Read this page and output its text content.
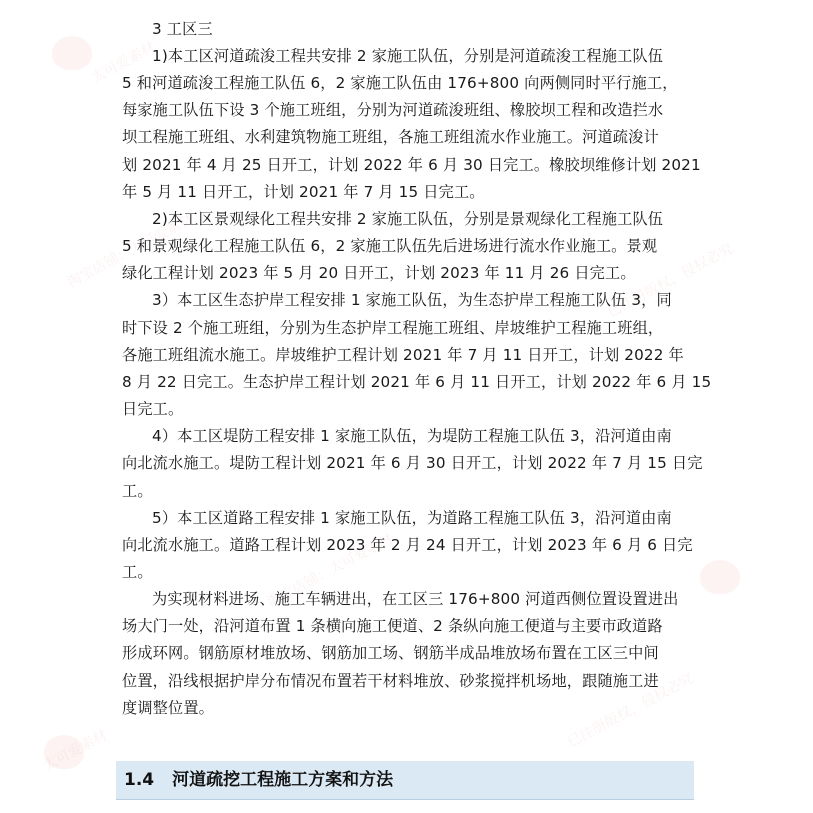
太可爱素材
淘宝店铺：太可爱素材	已注册版权，侵权必究
淘宝店铺：太可爱素材
已注册版权，侵权必究
太可爱素材
3 工区三
1)本工区河道疏浚工程共安排 2 家施工队伍，分别是河道疏浚工程施工队伍
5 和河道疏浚工程施工队伍 6，2 家施工队伍由 176+800 向两侧同时平行施工，
每家施工队伍下设 3 个施工班组，分别为河道疏浚班组、橡胶坝工程和改造拦水
坝工程施工班组、水利建筑物施工班组，各施工班组流水作业施工。河道疏浚计
划 2021 年 4 月 25 日开工，计划 2022 年 6 月 30 日完工。橡胶坝维修计划 2021
年 5 月 11 日开工，计划 2021 年 7 月 15 日完工。
2)本工区景观绿化工程共安排 2 家施工队伍，分别是景观绿化工程施工队伍
5 和景观绿化工程施工队伍 6，2 家施工队伍先后进场进行流水作业施工。景观
绿化工程计划 2023 年 5 月 20 日开工，计划 2023 年 11 月 26 日完工。
3）本工区生态护岸工程安排 1 家施工队伍，为生态护岸工程施工队伍 3，同
时下设 2 个施工班组，分别为生态护岸工程施工班组、岸坡维护工程施工班组，
各施工班组流水施工。岸坡维护工程计划 2021 年 7 月 11 日开工，计划 2022 年
8 月 22 日完工。生态护岸工程计划 2021 年 6 月 11 日开工，计划 2022 年 6 月 15
日完工。
4）本工区堤防工程安排 1 家施工队伍，为堤防工程施工队伍 3，沿河道由南
向北流水施工。堤防工程计划 2021 年 6 月 30 日开工，计划 2022 年 7 月 15 日完
工。
5）本工区道路工程安排 1 家施工队伍，为道路工程施工队伍 3，沿河道由南
向北流水施工。道路工程计划 2023 年 2 月 24 日开工，计划 2023 年 6 月 6 日完
工。
为实现材料进场、施工车辆进出，在工区三 176+800 河道西侧位置设置进出
场大门一处，沿河道布置 1 条横向施工便道、2 条纵向施工便道与主要市政道路
形成环网。钢筋原材堆放场、钢筋加工场、钢筋半成品堆放场布置在工区三中间
位置，沿线根据护岸分布情况布置若干材料堆放、砂浆搅拌机场地，跟随施工进
度调整位置。
1.4 河道疏挖工程施工方案和方法
